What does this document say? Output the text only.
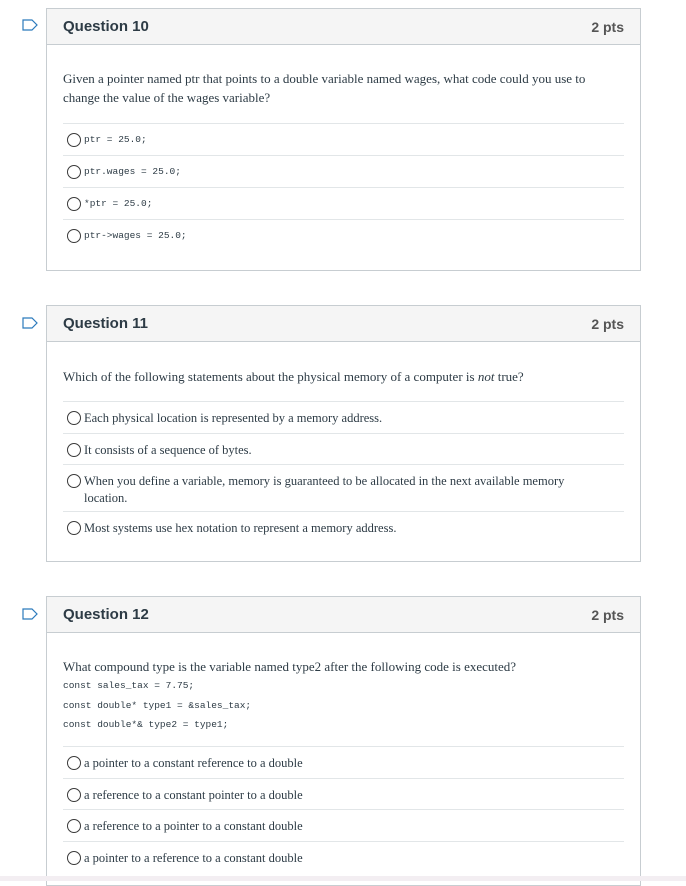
Question 10	2 pts
Given a pointer named ptr that points to a double variable named wages, what code could you use to change the value of the wages variable?
ptr = 25.0;
ptr.wages = 25.0;
*ptr = 25.0;
ptr->wages = 25.0;
Question 11	2 pts
Which of the following statements about the physical memory of a computer is not true?
Each physical location is represented by a memory address.
It consists of a sequence of bytes.
When you define a variable, memory is guaranteed to be allocated in the next available memory location.
Most systems use hex notation to represent a memory address.
Question 12	2 pts
What compound type is the variable named type2 after the following code is executed?
const sales_tax = 7.75;
const double* type1 = &sales_tax;
const double*& type2 = type1;
a pointer to a constant reference to a double
a reference to a constant pointer to a double
a reference to a pointer to a constant double
a pointer to a reference to a constant double
